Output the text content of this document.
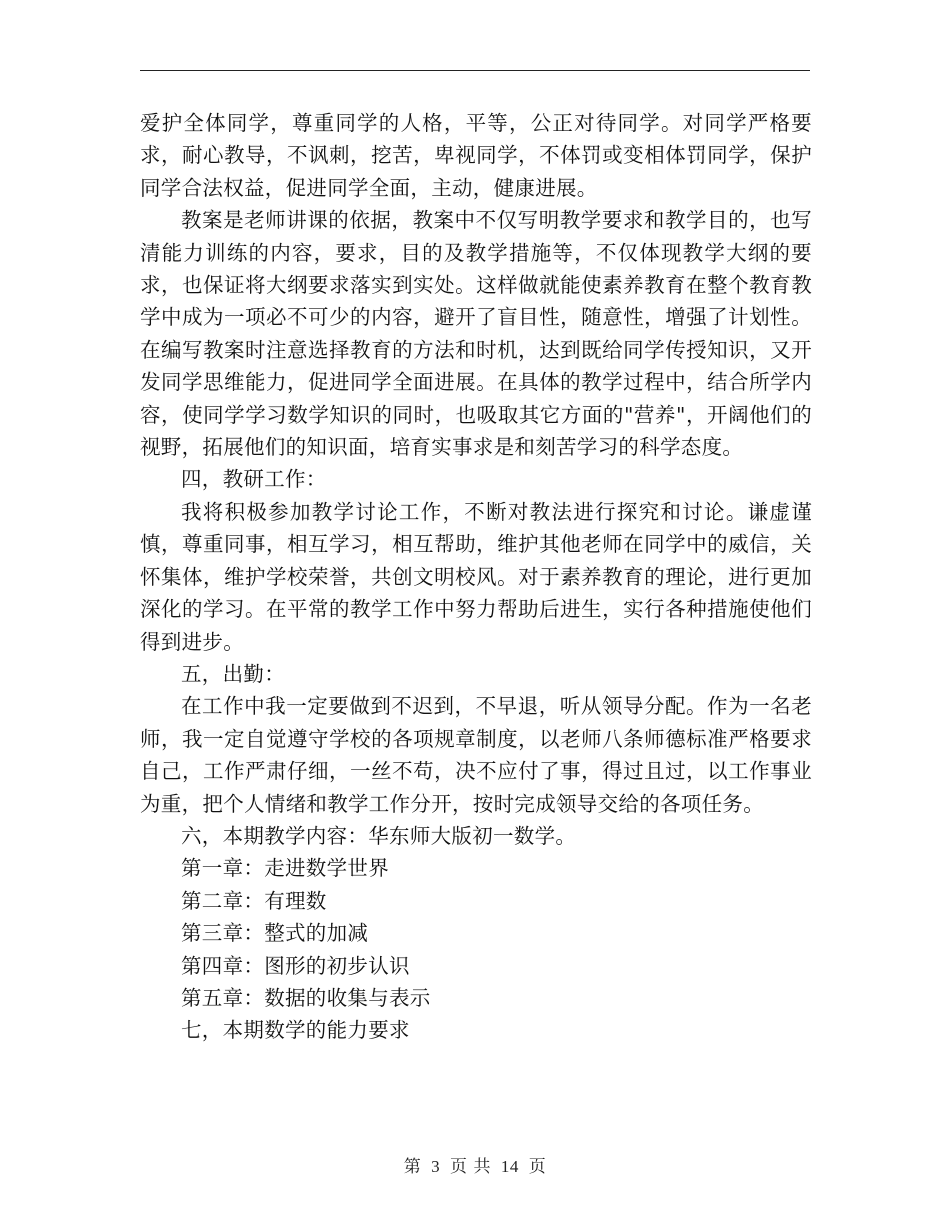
爱护全体同学，尊重同学的人格，平等，公正对待同学。对同学严格要求，耐心教导，不讽刺，挖苦，卑视同学，不体罚或变相体罚同学，保护同学合法权益，促进同学全面，主动，健康进展。

教案是老师讲课的依据，教案中不仅写明教学要求和教学目的，也写清能力训练的内容，要求，目的及教学措施等，不仅体现教学大纲的要求，也保证将大纲要求落实到实处。这样做就能使素养教育在整个教育教学中成为一项必不可少的内容，避开了盲目性，随意性，增强了计划性。在编写教案时注意选择教育的方法和时机，达到既给同学传授知识，又开发同学思维能力，促进同学全面进展。在具体的教学过程中，结合所学内容，使同学学习数学知识的同时，也吸取其它方面的"营养"，开阔他们的视野，拓展他们的知识面，培育实事求是和刻苦学习的科学态度。

四，教研工作：

我将积极参加教学讨论工作，不断对教法进行探究和讨论。谦虚谨慎，尊重同事，相互学习，相互帮助，维护其他老师在同学中的威信，关怀集体，维护学校荣誉，共创文明校风。对于素养教育的理论，进行更加深化的学习。在平常的教学工作中努力帮助后进生，实行各种措施使他们得到进步。

五，出勤：

在工作中我一定要做到不迟到，不早退，听从领导分配。作为一名老师，我一定自觉遵守学校的各项规章制度，以老师八条师德标准严格要求自己，工作严肃仔细，一丝不苟，决不应付了事，得过且过，以工作事业为重，把个人情绪和教学工作分开，按时完成领导交给的各项任务。

六，本期教学内容：华东师大版初一数学。

第一章：走进数学世界

第二章：有理数

第三章：整式的加减

第四章：图形的初步认识

第五章：数据的收集与表示

七，本期数学的能力要求

第 3 页 共 14 页
